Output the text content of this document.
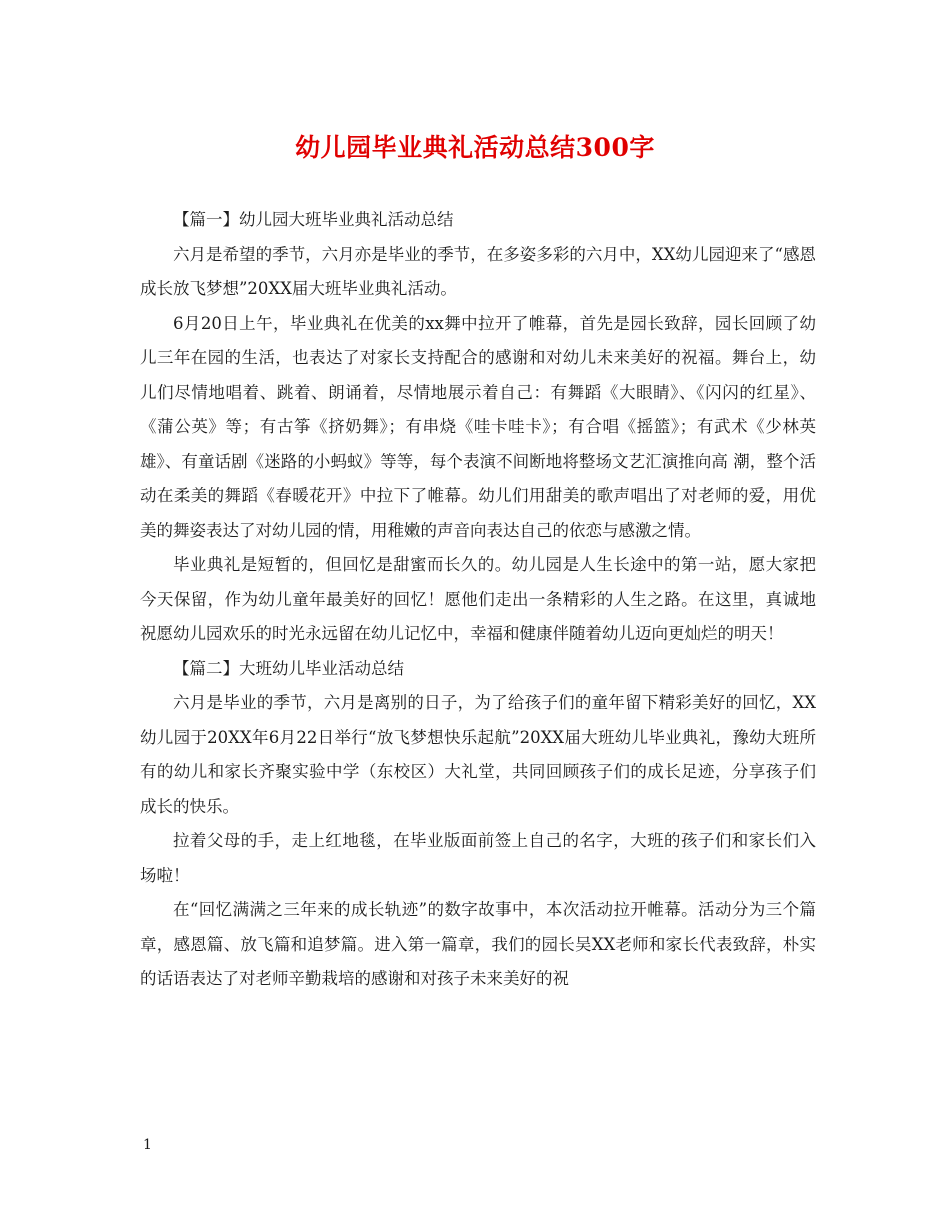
幼儿园毕业典礼活动总结300字

【篇一】幼儿园大班毕业典礼活动总结

六月是希望的季节，六月亦是毕业的季节，在多姿多彩的六月中，XX幼儿园迎来了“感恩成长放飞梦想”20XX届大班毕业典礼活动。

6月20日上午，毕业典礼在优美的xx舞中拉开了帷幕，首先是园长致辞，园长回顾了幼儿三年在园的生活，也表达了对家长支持配合的感谢和对幼儿未来美好的祝福。舞台上，幼儿们尽情地唱着、跳着、朗诵着，尽情地展示着自己：有舞蹈《大眼睛》、《闪闪的红星》、《蒲公英》等；有古筝《挤奶舞》；有串烧《哇卡哇卡》；有合唱《摇篮》；有武术《少林英雄》、有童话剧《迷路的小蚂蚁》等等，每个表演不间断地将整场文艺汇演推向高 潮，整个活动在柔美的舞蹈《春暖花开》中拉下了帷幕。幼儿们用甜美的歌声唱出了对老师的爱，用优美的舞姿表达了对幼儿园的情，用稚嫩的声音向表达自己的依恋与感激之情。

毕业典礼是短暂的，但回忆是甜蜜而长久的。幼儿园是人生长途中的第一站，愿大家把今天保留，作为幼儿童年最美好的回忆！愿他们走出一条精彩的人生之路。在这里，真诚地祝愿幼儿园欢乐的时光永远留在幼儿记忆中，幸福和健康伴随着幼儿迈向更灿烂的明天！

【篇二】大班幼儿毕业活动总结

六月是毕业的季节，六月是离别的日子，为了给孩子们的童年留下精彩美好的回忆，XX幼儿园于20XX年6月22日举行“放飞梦想快乐起航”20XX届大班幼儿毕业典礼，豫幼大班所有的幼儿和家长齐聚实验中学（东校区）大礼堂，共同回顾孩子们的成长足迹，分享孩子们成长的快乐。

拉着父母的手，走上红地毯，在毕业版面前签上自己的名字，大班的孩子们和家长们入场啦！

在“回忆满满之三年来的成长轨迹”的数字故事中，本次活动拉开帷幕。活动分为三个篇章，感恩篇、放飞篇和追梦篇。进入第一篇章，我们的园长吴XX老师和家长代表致辞，朴实的话语表达了对老师辛勤栽培的感谢和对孩子未来美好的祝

1
